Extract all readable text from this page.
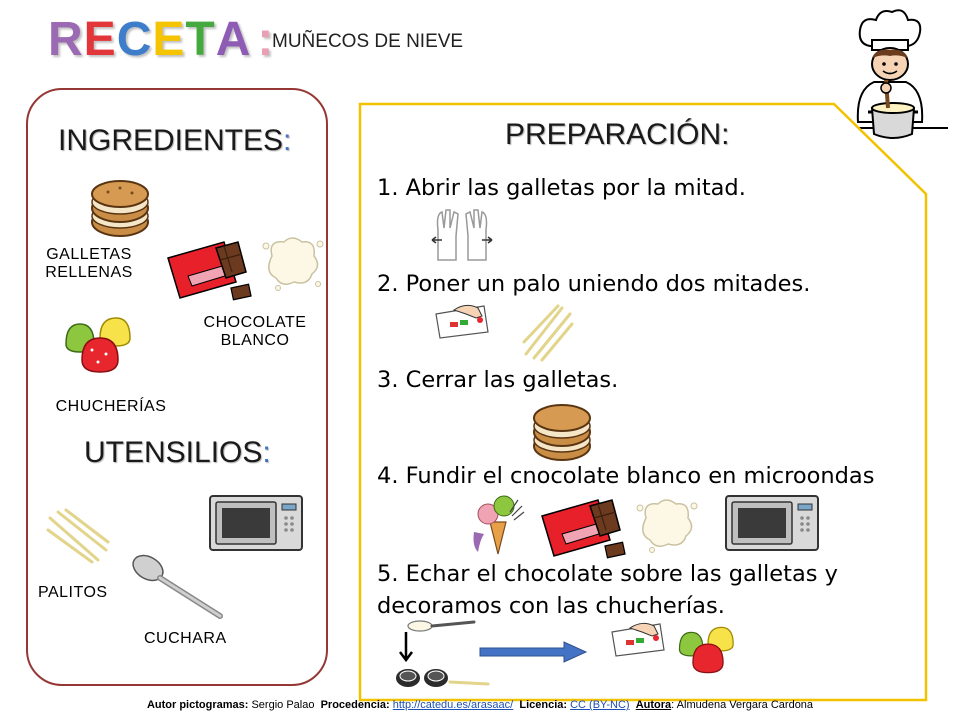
RECETA :
MUÑECOS DE NIEVE
INGREDIENTES:
GALLETAS
RELLENAS
CHOCOLATE
BLANCO
CHUCHERÍAS
UTENSILIOS:
PALITOS
CUCHARA
PREPARACIÓN:
1. Abrir las galletas por la mitad.
2. Poner un palo uniendo dos mitades.
3. Cerrar las galletas.
4. Fundir el cnocolate blanco en microondas
5. Echar el chocolate sobre las galletas y
decoramos con las chucherías.
Autor pictogramas: Sergio Palao Procedencia: http://catedu.es/arasaac/ Licencia: CC (BY-NC) Autora: Almudena Vergara Cardona
